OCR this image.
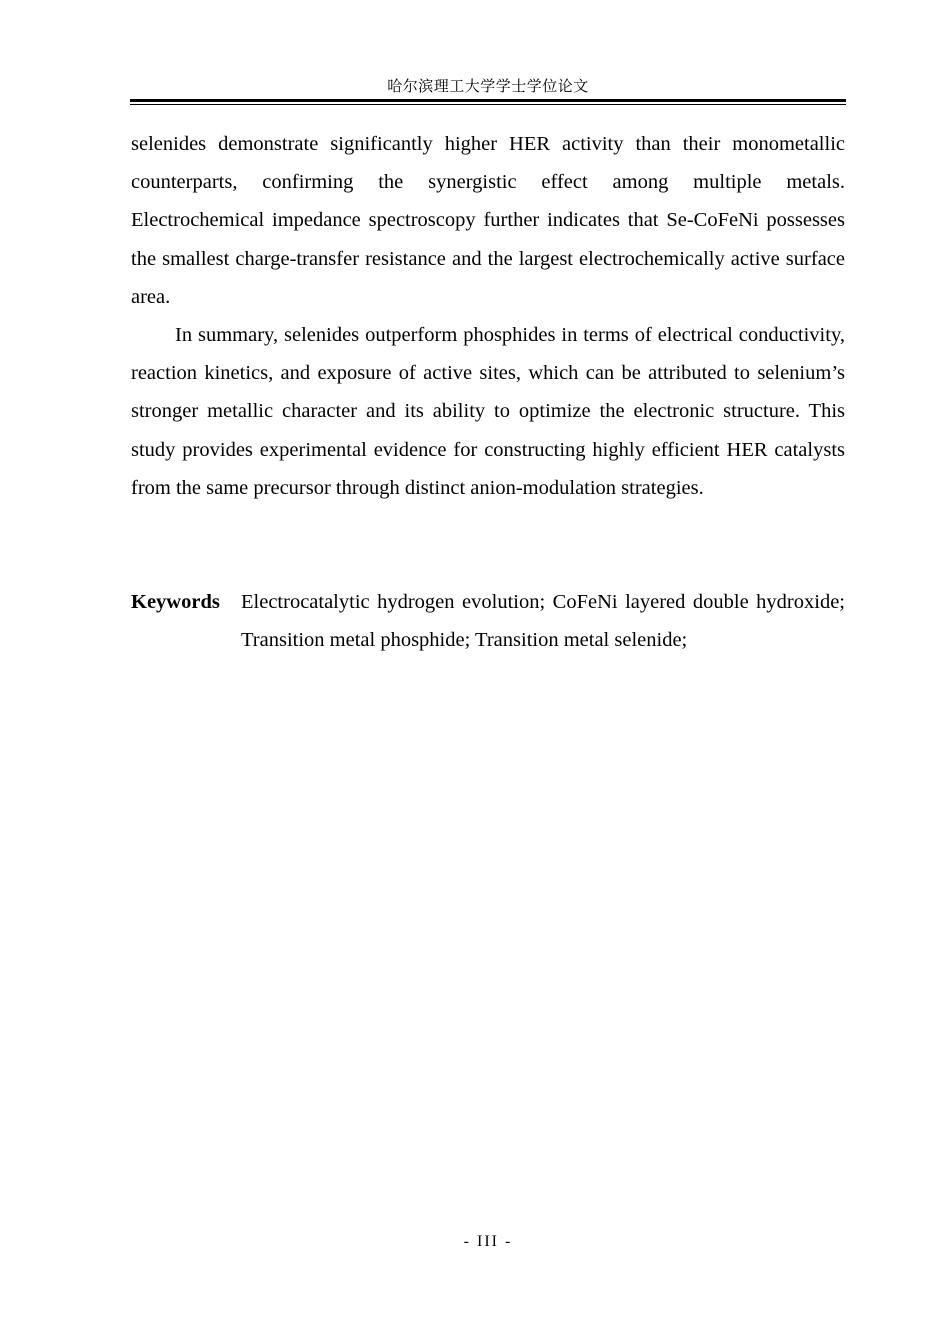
哈尔滨理工大学学士学位论文

selenides demonstrate significantly higher HER activity than their monometallic counterparts, confirming the synergistic effect among multiple metals. Electrochemical impedance spectroscopy further indicates that Se-CoFeNi possesses the smallest charge-transfer resistance and the largest electrochemically active surface area.

In summary, selenides outperform phosphides in terms of electrical conductivity, reaction kinetics, and exposure of active sites, which can be attributed to selenium’s stronger metallic character and its ability to optimize the electronic structure. This study provides experimental evidence for constructing highly efficient HER catalysts from the same precursor through distinct anion-modulation strategies.

Keywords Electrocatalytic hydrogen evolution; CoFeNi layered double hydroxide; Transition metal phosphide; Transition metal selenide;
- III -
